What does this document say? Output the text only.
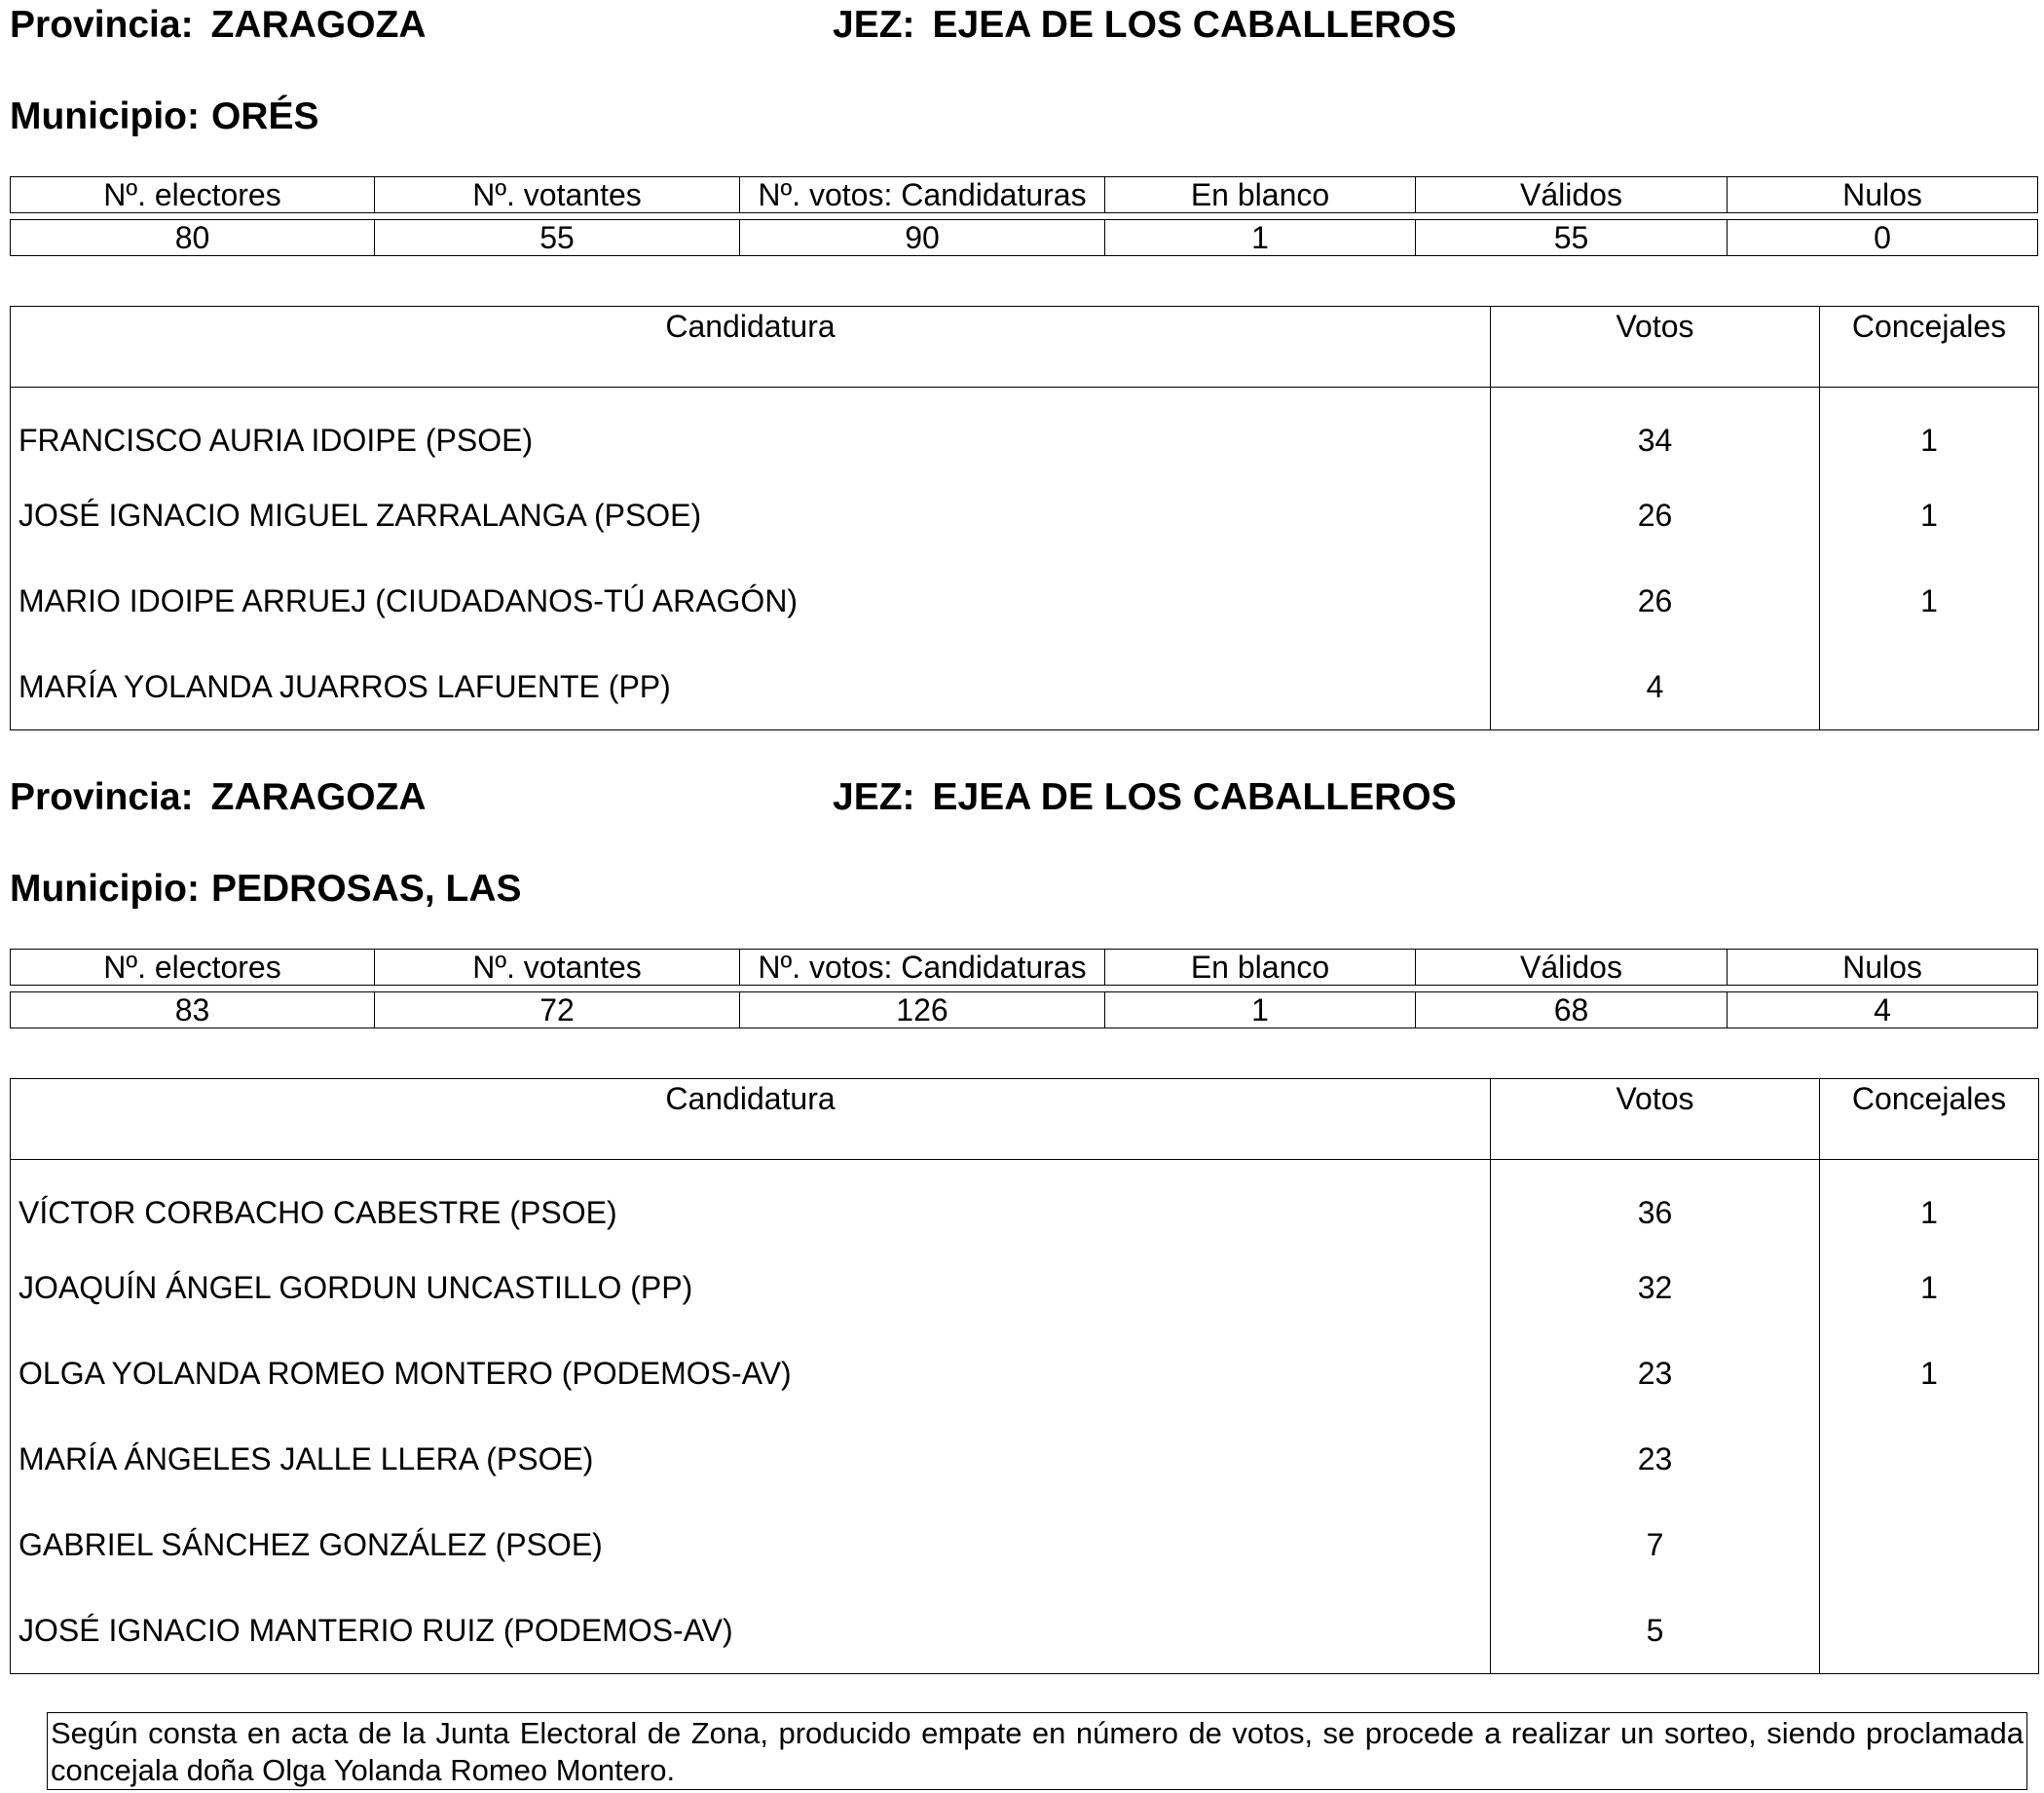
Provincia: ZARAGOZA	JEZ: EJEA DE LOS CABALLEROS
Municipio: ORÉS
Nº. electores	Nº. votantes	Nº. votos: Candidaturas	En blanco	Válidos	Nulos
80	55	90	1	55	0
Candidatura	Votos	Concejales
FRANCISCO AURIA IDOIPE (PSOE)	34	1
JOSÉ IGNACIO MIGUEL ZARRALANGA (PSOE)	26	1
MARIO IDOIPE ARRUEJ (CIUDADANOS-TÚ ARAGÓN)	26	1
MARÍA YOLANDA JUARROS LAFUENTE (PP)	4	
Provincia: ZARAGOZA	JEZ: EJEA DE LOS CABALLEROS
Municipio: PEDROSAS, LAS
Nº. electores	Nº. votantes	Nº. votos: Candidaturas	En blanco	Válidos	Nulos
83	72	126	1	68	4
Candidatura	Votos	Concejales
VÍCTOR CORBACHO CABESTRE (PSOE)	36	1
JOAQUÍN ÁNGEL GORDUN UNCASTILLO (PP)	32	1
OLGA YOLANDA ROMEO MONTERO (PODEMOS-AV)	23	1
MARÍA ÁNGELES JALLE LLERA (PSOE)	23	
GABRIEL SÁNCHEZ GONZÁLEZ (PSOE)	7	
JOSÉ IGNACIO MANTERIO RUIZ (PODEMOS-AV)	5	
Según consta en acta de la Junta Electoral de Zona, producido empate en número de votos, se procede a realizar un sorteo, siendo proclamada concejala doña Olga Yolanda Romeo Montero.
